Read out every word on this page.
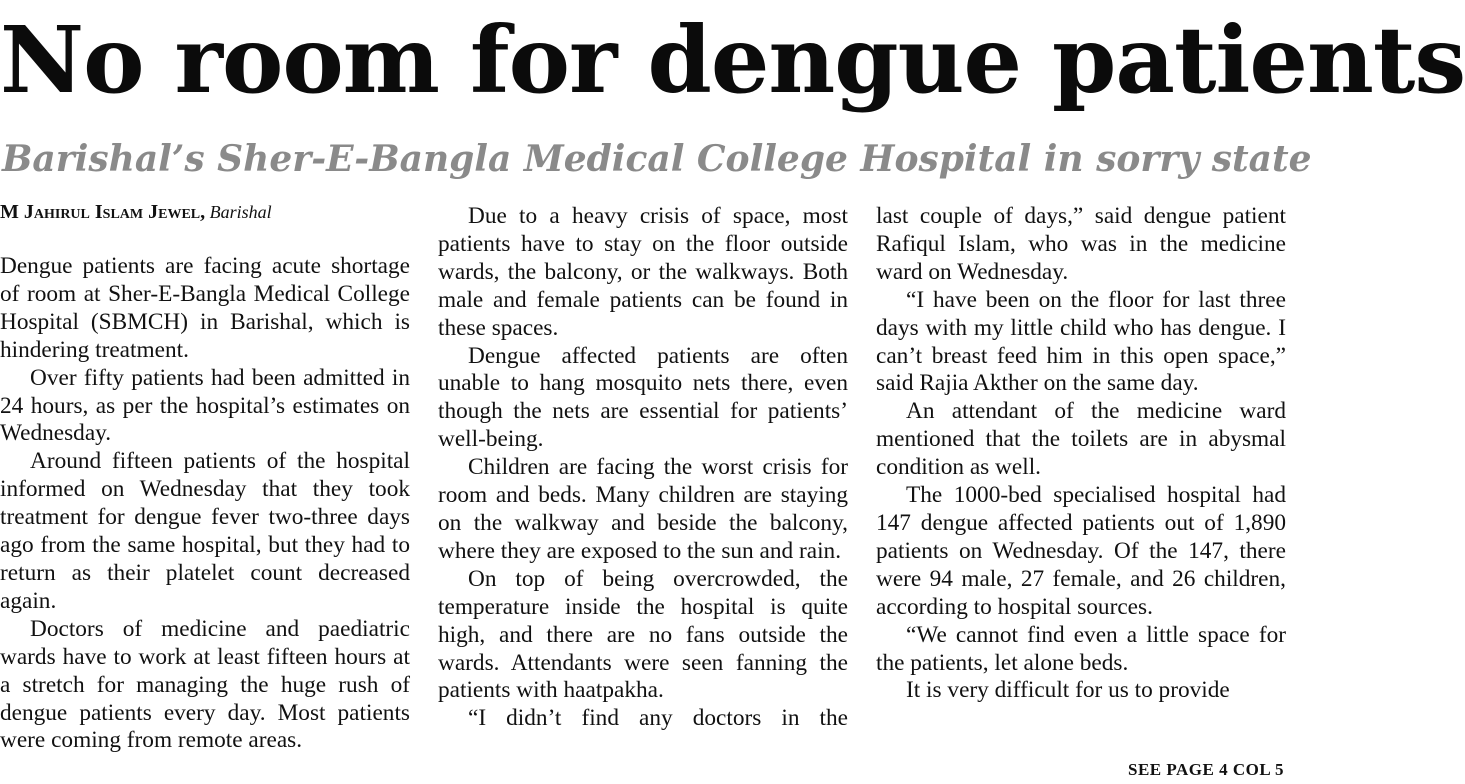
No room for dengue patients
Barishal’s Sher-E-Bangla Medical College Hospital in sorry state
M Jahirul Islam Jewel, Barishal

Dengue patients are facing acute shortage of room at Sher-E-Bangla Medical College Hospital (SBMCH) in Barishal, which is hindering treatment.

Over fifty patients had been admitted in 24 hours, as per the hospital’s estimates on Wednesday.

Around fifteen patients of the hospital informed on Wednesday that they took treatment for dengue fever two-three days ago from the same hospital, but they had to return as their platelet count decreased again.

Doctors of medicine and paediatric wards have to work at least fifteen hours at a stretch for managing the huge rush of dengue patients every day. Most patients were coming from remote areas.

Due to a heavy crisis of space, most patients have to stay on the floor outside wards, the balcony, or the walkways. Both male and female patients can be found in these spaces.

Dengue affected patients are often unable to hang mosquito nets there, even though the nets are essential for patients’ well-being.

Children are facing the worst crisis for room and beds. Many children are staying on the walkway and beside the balcony, where they are exposed to the sun and rain.

On top of being overcrowded, the temperature inside the hospital is quite high, and there are no fans outside the wards. Attendants were seen fanning the patients with haatpakha.

“I didn’t find any doctors in the

last couple of days,” said dengue patient Rafiqul Islam, who was in the medicine ward on Wednesday.

“I have been on the floor for last three days with my little child who has dengue. I can’t breast feed him in this open space,” said Rajia Akther on the same day.

An attendant of the medicine ward mentioned that the toilets are in abysmal condition as well.

The 1000-bed specialised hospital had 147 dengue affected patients out of 1,890 patients on Wednesday. Of the 147, there were 94 male, 27 female, and 26 children, according to hospital sources.

“We cannot find even a little space for the patients, let alone beds.

It is very difficult for us to provide

SEE PAGE 4 COL 5
